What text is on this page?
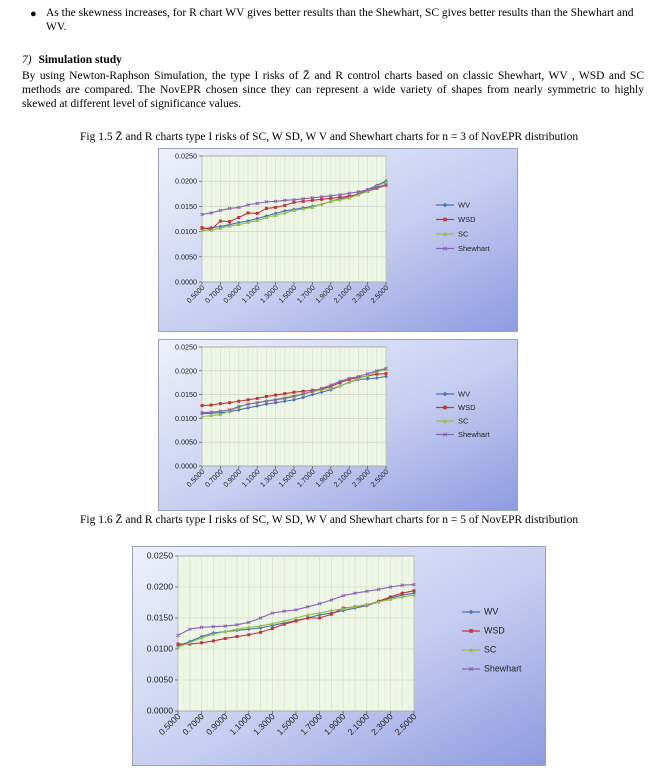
● As the skewness increases, for R chart WV gives better results than the Shewhart, SC gives better results than the Shewhart and WV.
7) Simulation study
By using Newton-Raphson Simulation, the type I risks of Z̄ and R control charts based on classic Shewhart, WV , WSD and SC methods are compared. The NovEPR chosen since they can represent a wide variety of shapes from nearly symmetric to highly skewed at different level of significance values.
Fig 1.5 Z̄ and R charts type I risks of SC, W SD, W V and Shewhart charts for n = 3 of NovEPR distribution
0.0000
0.0050
0.0100
0.0150
0.0200
0.0250
0.5000
0.7000
0.9000
1.1000
1.3000
1.5000
1.7000
1.9000
2.1000
2.3000
2.5000
WV
WSD
SC
Shewhart
0.0000
0.0050
0.0100
0.0150
0.0200
0.0250
0.5000
0.7000
0.9000
1.1000
1.3000
1.5000
1.7000
1.9000
2.1000
2.3000
2.5000
WV
WSD
SC
Shewhart
Fig 1.6 Z̄ and R charts type I risks of SC, W SD, W V and Shewhart charts for n = 5 of NovEPR distribution
0.0000
0.0050
0.0100
0.0150
0.0200
0.0250
0.5000
0.7000
0.9000
1.1000
1.3000
1.5000
1.7000
1.9000
2.1000
2.3000
2.5000
WV
WSD
SC
Shewhart
